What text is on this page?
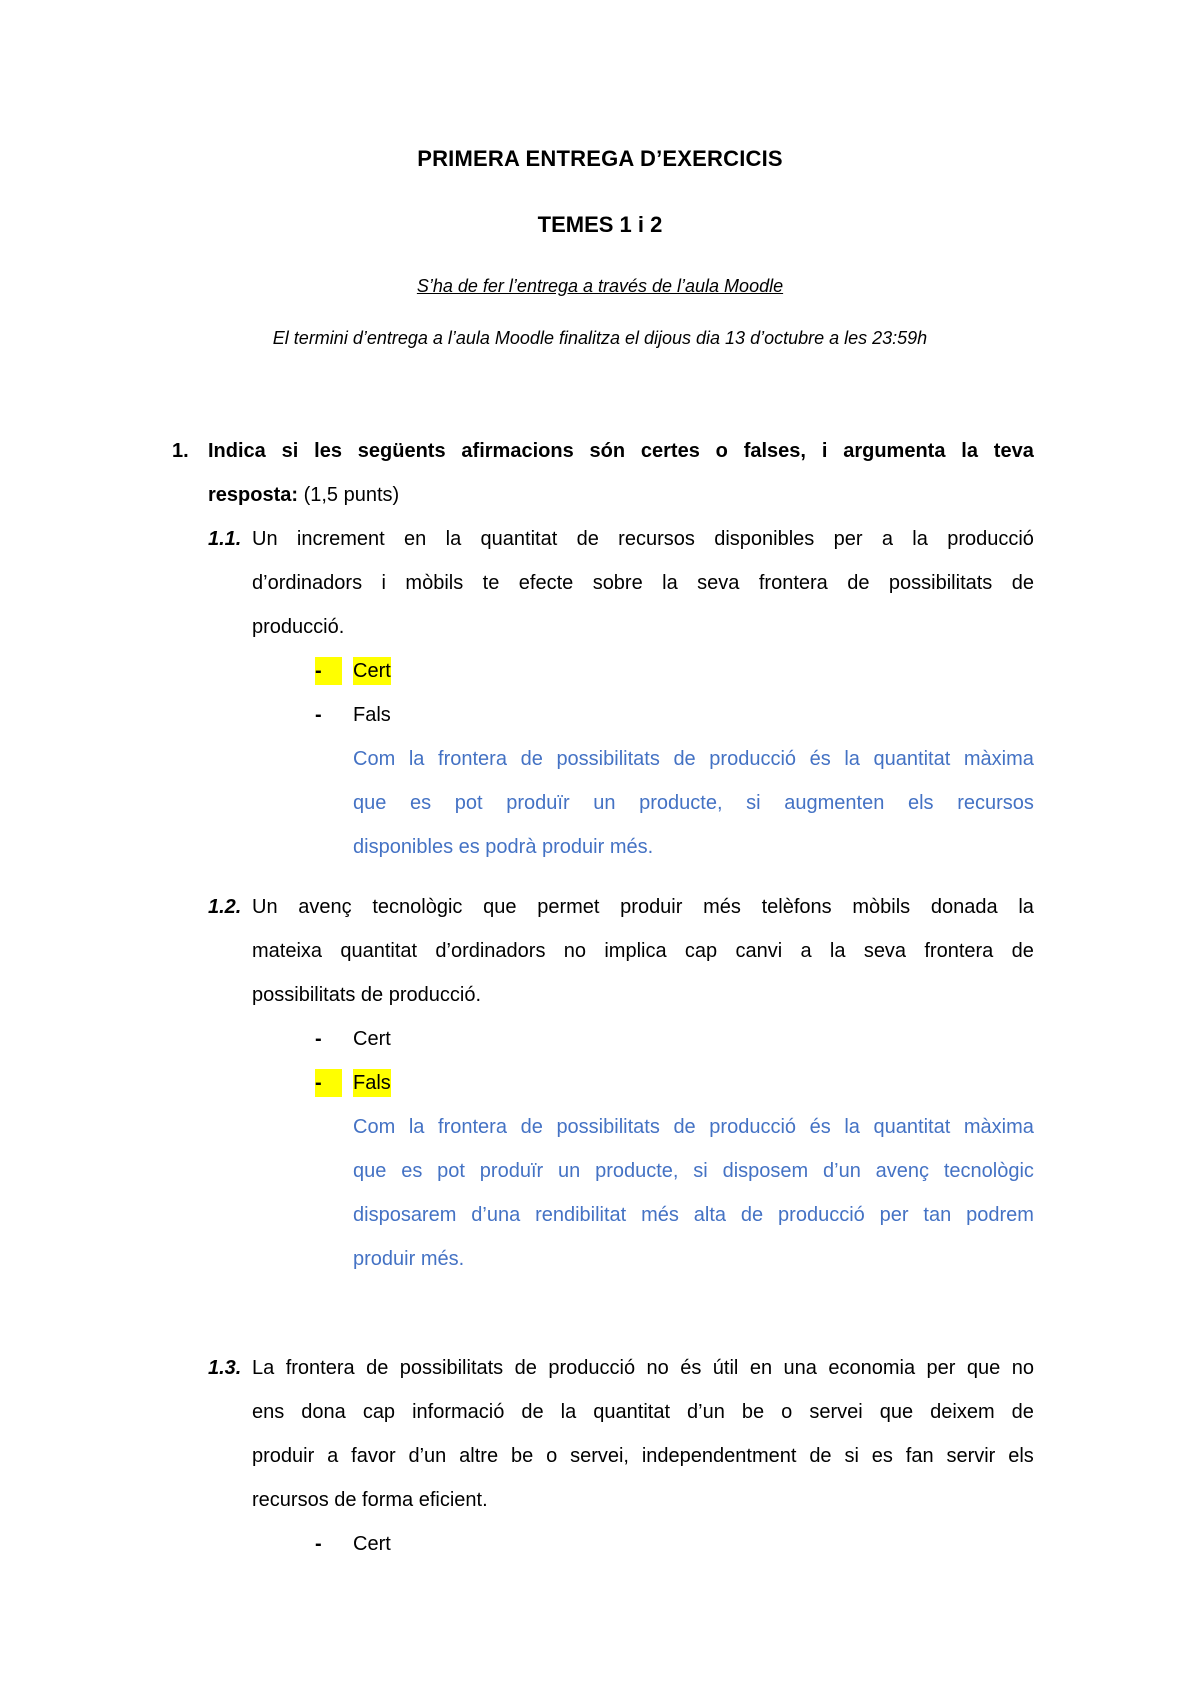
PRIMERA ENTREGA D’EXERCICIS
TEMES 1 i 2
S’ha de fer l’entrega a través de l’aula Moodle
El termini d’entrega a l’aula Moodle finalitza el dijous dia 13 d’octubre a les 23:59h
1. Indica si les següents afirmacions són certes o falses, i argumenta la teva
resposta: (1,5 punts)
1.1. Un increment en la quantitat de recursos disponibles per a la producció
d’ordinadors i mòbils te efecte sobre la seva frontera de possibilitats de
producció.
-	Cert
- Fals
Com la frontera de possibilitats de producció és la quantitat màxima
que es pot produïr un producte, si augmenten els recursos
disponibles es podrà produir més.
1.2. Un avenç tecnològic que permet produir més telèfons mòbils donada la
mateixa quantitat d’ordinadors no implica cap canvi a la seva frontera de
possibilitats de producció.
- Cert
-	Fals
Com la frontera de possibilitats de producció és la quantitat màxima
que es pot produïr un producte, si disposem d’un avenç tecnològic
disposarem d’una rendibilitat més alta de producció per tan podrem
produir més.
1.3. La frontera de possibilitats de producció no és útil en una economia per que no
ens dona cap informació de la quantitat d’un be o servei que deixem de
produir a favor d’un altre be o servei, independentment de si es fan servir els
recursos de forma eficient.
- Cert
